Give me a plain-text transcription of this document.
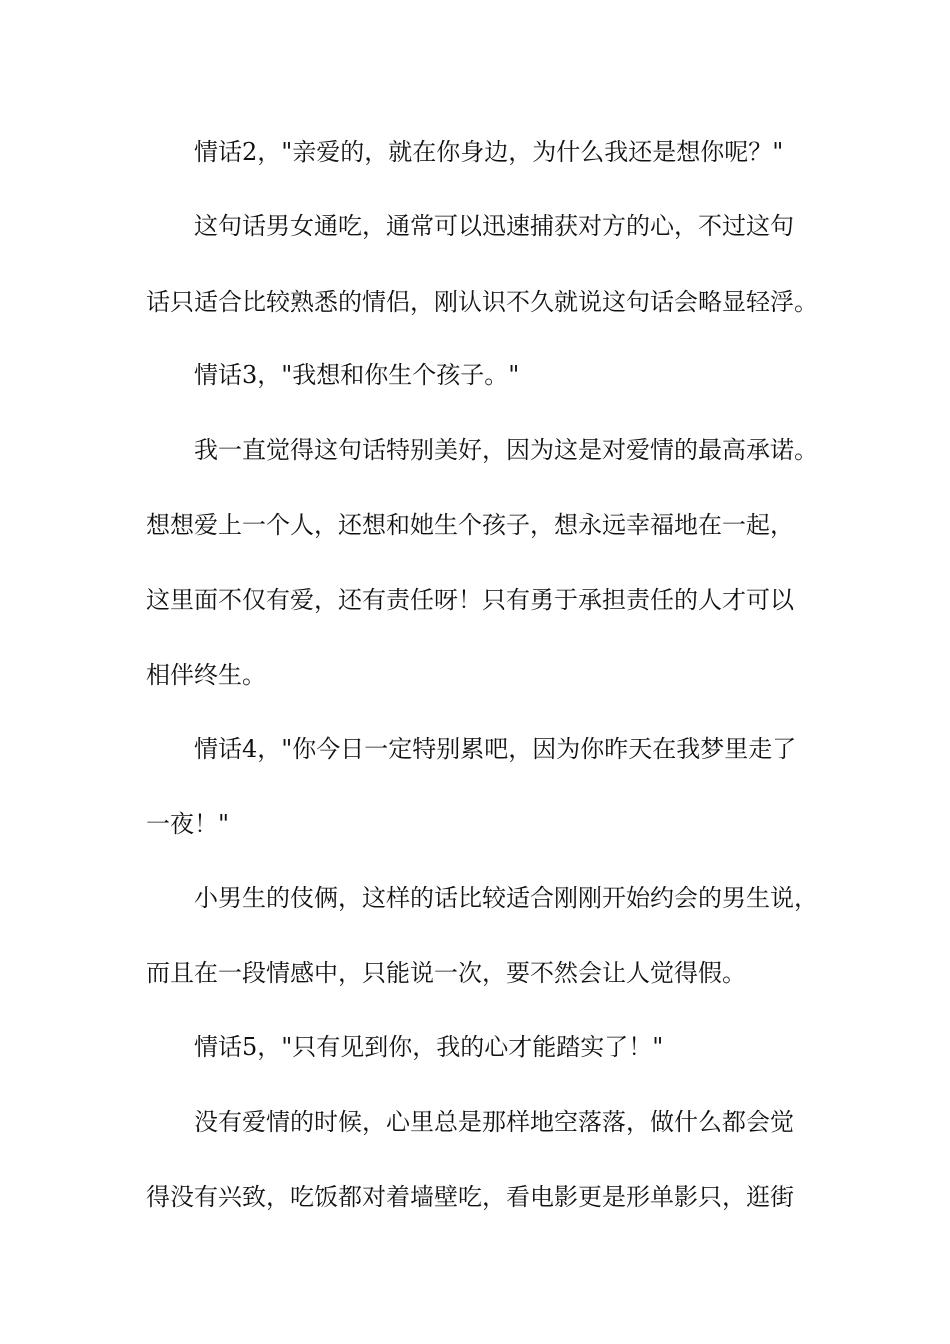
情话2，"亲爱的，就在你身边，为什么我还是想你呢？"
这句话男女通吃，通常可以迅速捕获对方的心，不过这句
话只适合比较熟悉的情侣，刚认识不久就说这句话会略显轻浮。
情话3，"我想和你生个孩子。"
我一直觉得这句话特别美好，因为这是对爱情的最高承诺。
想想爱上一个人，还想和她生个孩子，想永远幸福地在一起，
这里面不仅有爱，还有责任呀！只有勇于承担责任的人才可以
相伴终生。
情话4，"你今日一定特别累吧，因为你昨天在我梦里走了
一夜！"
小男生的伎俩，这样的话比较适合刚刚开始约会的男生说，
而且在一段情感中，只能说一次，要不然会让人觉得假。
情话5，"只有见到你，我的心才能踏实了！"
没有爱情的时候，心里总是那样地空落落，做什么都会觉
得没有兴致，吃饭都对着墙壁吃，看电影更是形单影只，逛街
